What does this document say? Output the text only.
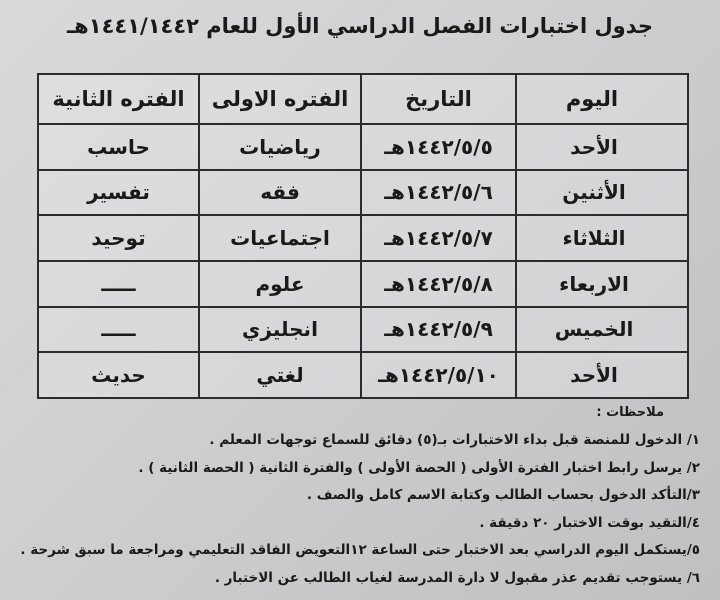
جدول اختبارات الفصل الدراسي الأول للعام ١٤٤١/١٤٤٢هـ
اليوم	التاريخ	الفتره الاولى	الفتره الثانية
الأحد	١٤٤٢/٥/٥هـ	رياضيات	حاسب
الأثنين	١٤٤٢/٥/٦هـ	فقه	تفسير
الثلاثاء	١٤٤٢/٥/٧هـ	اجتماعيات	توحيد
الاربعاء	١٤٤٢/٥/٨هـ	علوم	ـــــ
الخميس	١٤٤٢/٥/٩هـ	انجليزي	ـــــ
الأحد	١٤٤٢/٥/١٠هـ	لغتي	حديث
ملاحظات :
١/ الدخول للمنصة قبل بداء الاختبارات بـ(٥) دقائق للسماع توجهات المعلم .
٢/ يرسل رابط اختبار الفترة الأولى ( الحصة الأولى ) والفترة الثانية ( الحصة الثانية ) .
٣/التأكد الدخول بحساب الطالب وكتابة الاسم كامل والصف .
٤/التقيد بوقت الاختبار ٢٠ دقيقة .
٥/يستكمل اليوم الدراسي بعد الاختبار حتى الساعة ١٢التعويض الفاقد التعليمي ومراجعة ما سبق شرحة .
٦/ يستوجب تقديم عذر مقبول لا دارة المدرسة لغياب الطالب عن الاختبار .
